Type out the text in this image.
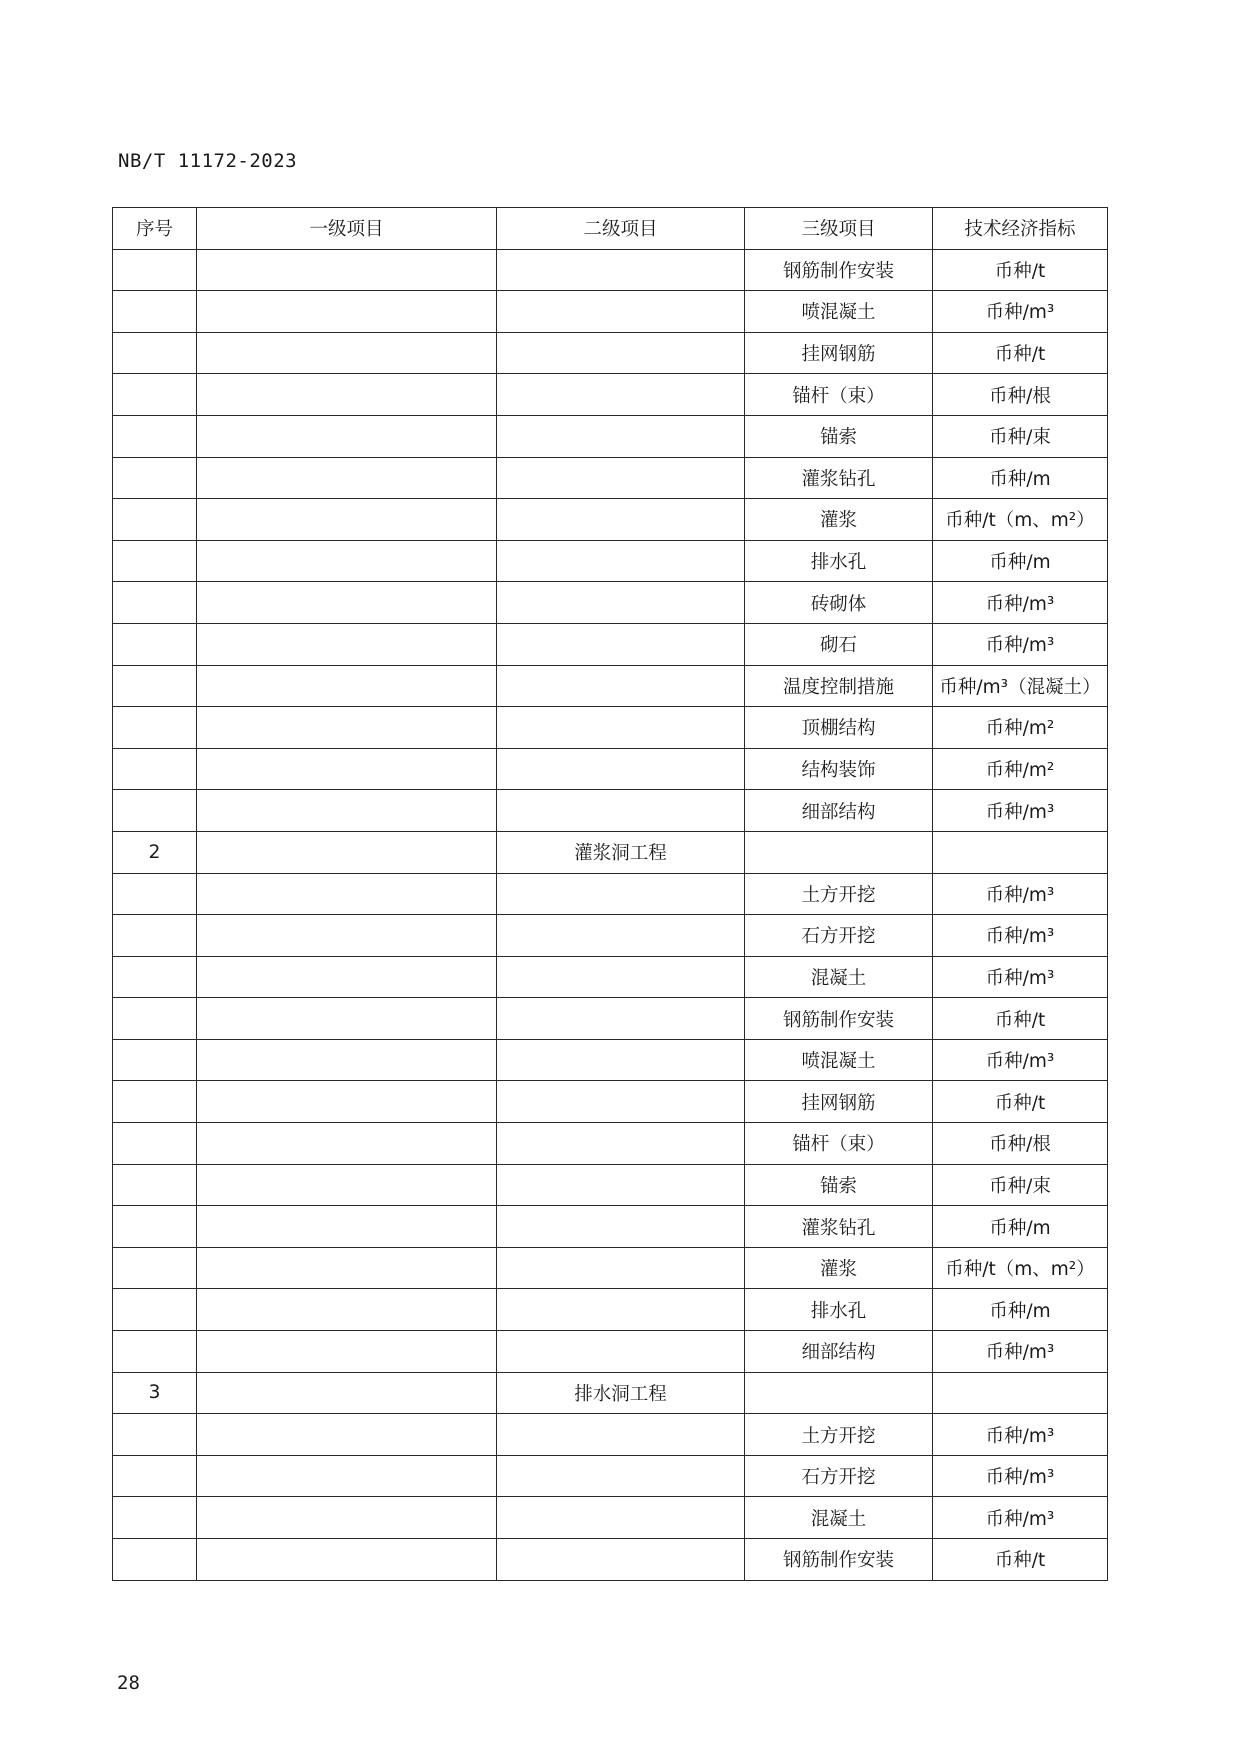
NB/T 11172-2023
序号	一级项目	二级项目	三级项目	技术经济指标
			钢筋制作安装	币种/t
			喷混凝土	币种/m³
			挂网钢筋	币种/t
			锚杆（束）	币种/根
			锚索	币种/束
			灌浆钻孔	币种/m
			灌浆	币种/t（m、m²）
			排水孔	币种/m
			砖砌体	币种/m³
			砌石	币种/m³
			温度控制措施	币种/m³（混凝土）
			顶棚结构	币种/m²
			结构装饰	币种/m²
			细部结构	币种/m³
2		灌浆洞工程		
			土方开挖	币种/m³
			石方开挖	币种/m³
			混凝土	币种/m³
			钢筋制作安装	币种/t
			喷混凝土	币种/m³
			挂网钢筋	币种/t
			锚杆（束）	币种/根
			锚索	币种/束
			灌浆钻孔	币种/m
			灌浆	币种/t（m、m²）
			排水孔	币种/m
			细部结构	币种/m³
3		排水洞工程		
			土方开挖	币种/m³
			石方开挖	币种/m³
			混凝土	币种/m³
			钢筋制作安装	币种/t
28
